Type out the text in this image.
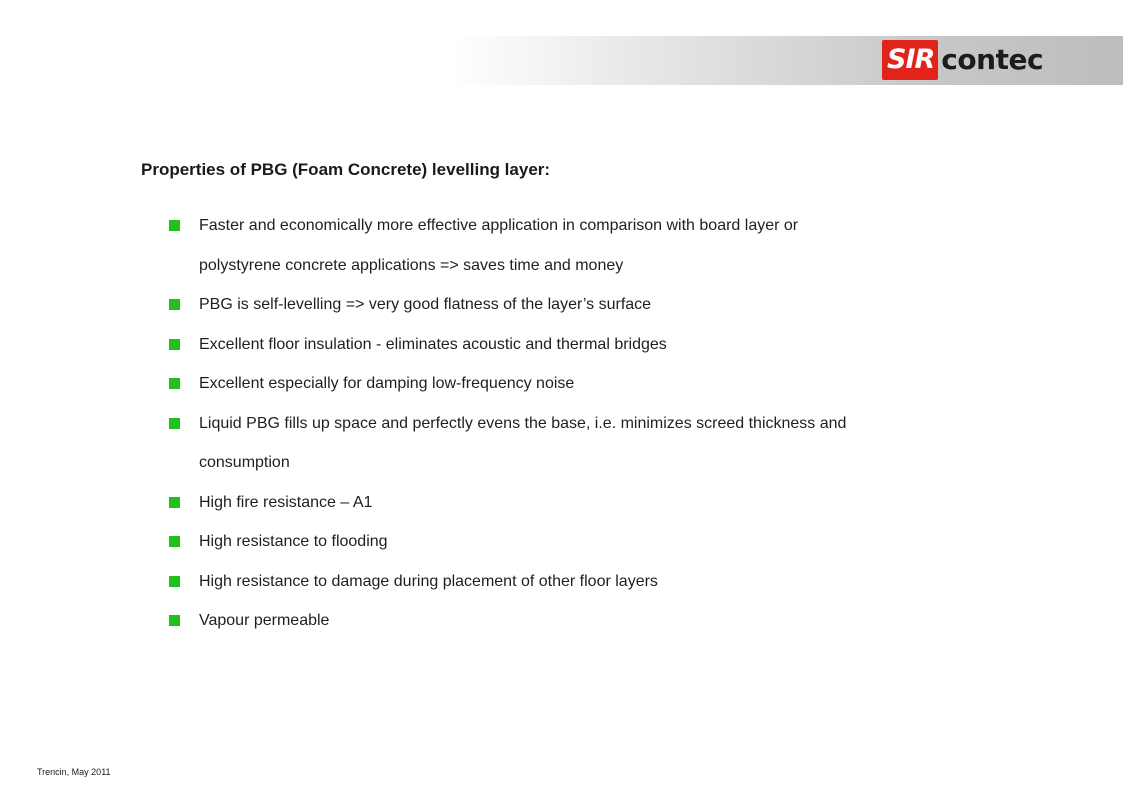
SIR contec
Properties of PBG (Foam Concrete) levelling layer:
Faster and economically more effective application in comparison with board layer or polystyrene concrete applications => saves time and money
PBG is self-levelling => very good flatness of the layer’s surface
Excellent floor insulation - eliminates acoustic and thermal bridges
Excellent especially for damping low-frequency noise
Liquid PBG fills up space and perfectly evens the base, i.e. minimizes screed thickness and consumption
High fire resistance – A1
High resistance to flooding
High resistance to damage during placement of other floor layers
Vapour permeable
Trencin, May 2011
